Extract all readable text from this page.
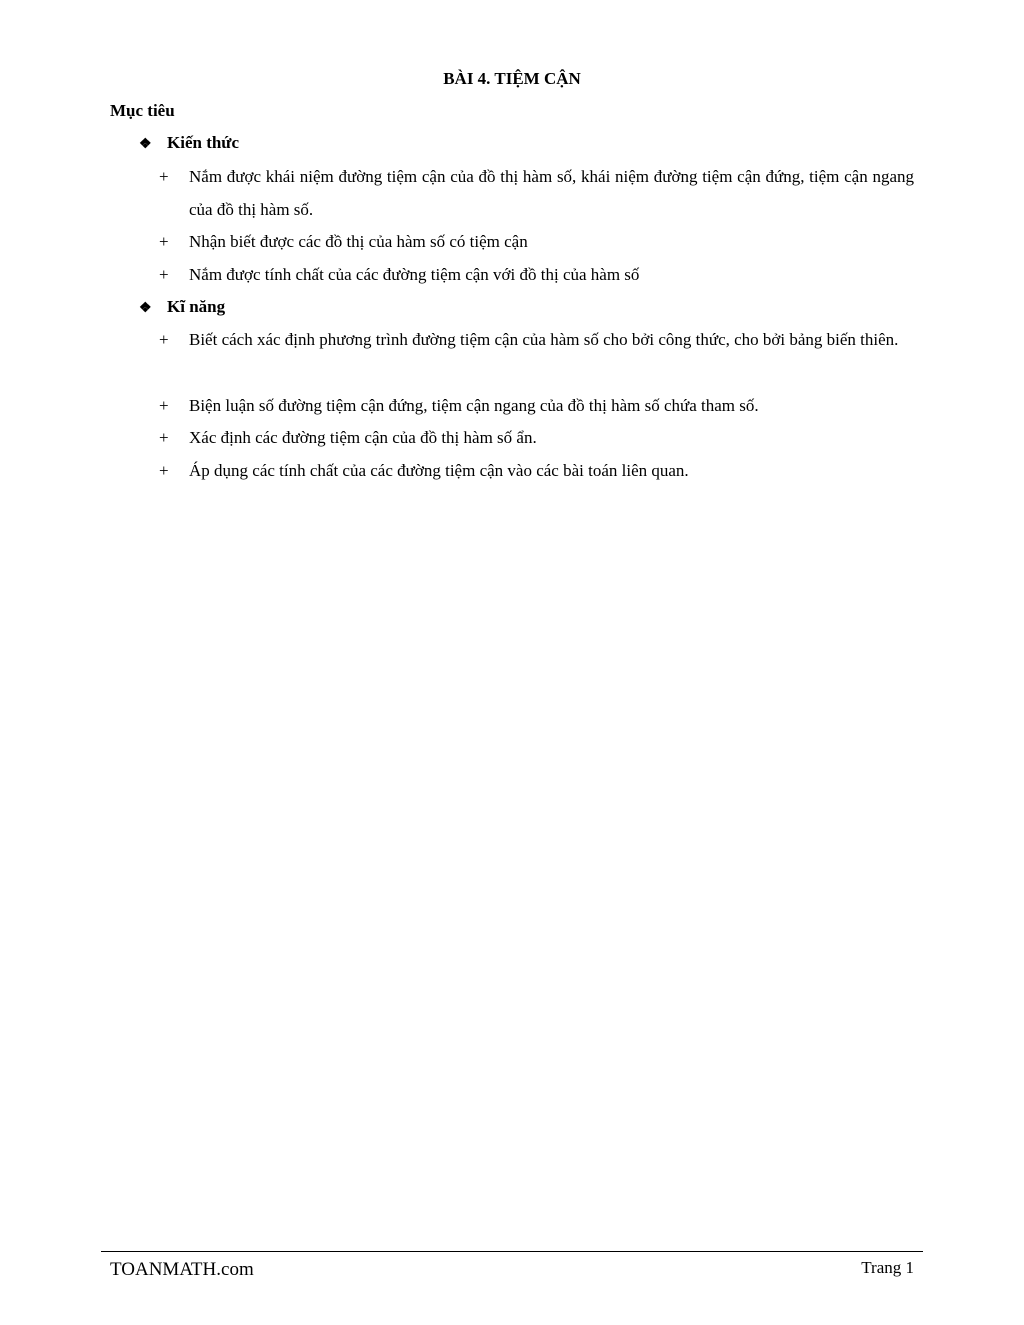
BÀI 4. TIỆM CẬN
Mục tiêu
❖ Kiến thức
+ Nắm được khái niệm đường tiệm cận của đồ thị hàm số, khái niệm đường tiệm cận đứng, tiệm cận ngang của đồ thị hàm số.
+ Nhận biết được các đồ thị của hàm số có tiệm cận
+ Nắm được tính chất của các đường tiệm cận với đồ thị của hàm số
❖ Kĩ năng
+ Biết cách xác định phương trình đường tiệm cận của hàm số cho bởi công thức, cho bởi bảng biến thiên.
+ Biện luận số đường tiệm cận đứng, tiệm cận ngang của đồ thị hàm số chứa tham số.
+ Xác định các đường tiệm cận của đồ thị hàm số ẩn.
+ Áp dụng các tính chất của các đường tiệm cận vào các bài toán liên quan.
TOANMATH.com	Trang 1
